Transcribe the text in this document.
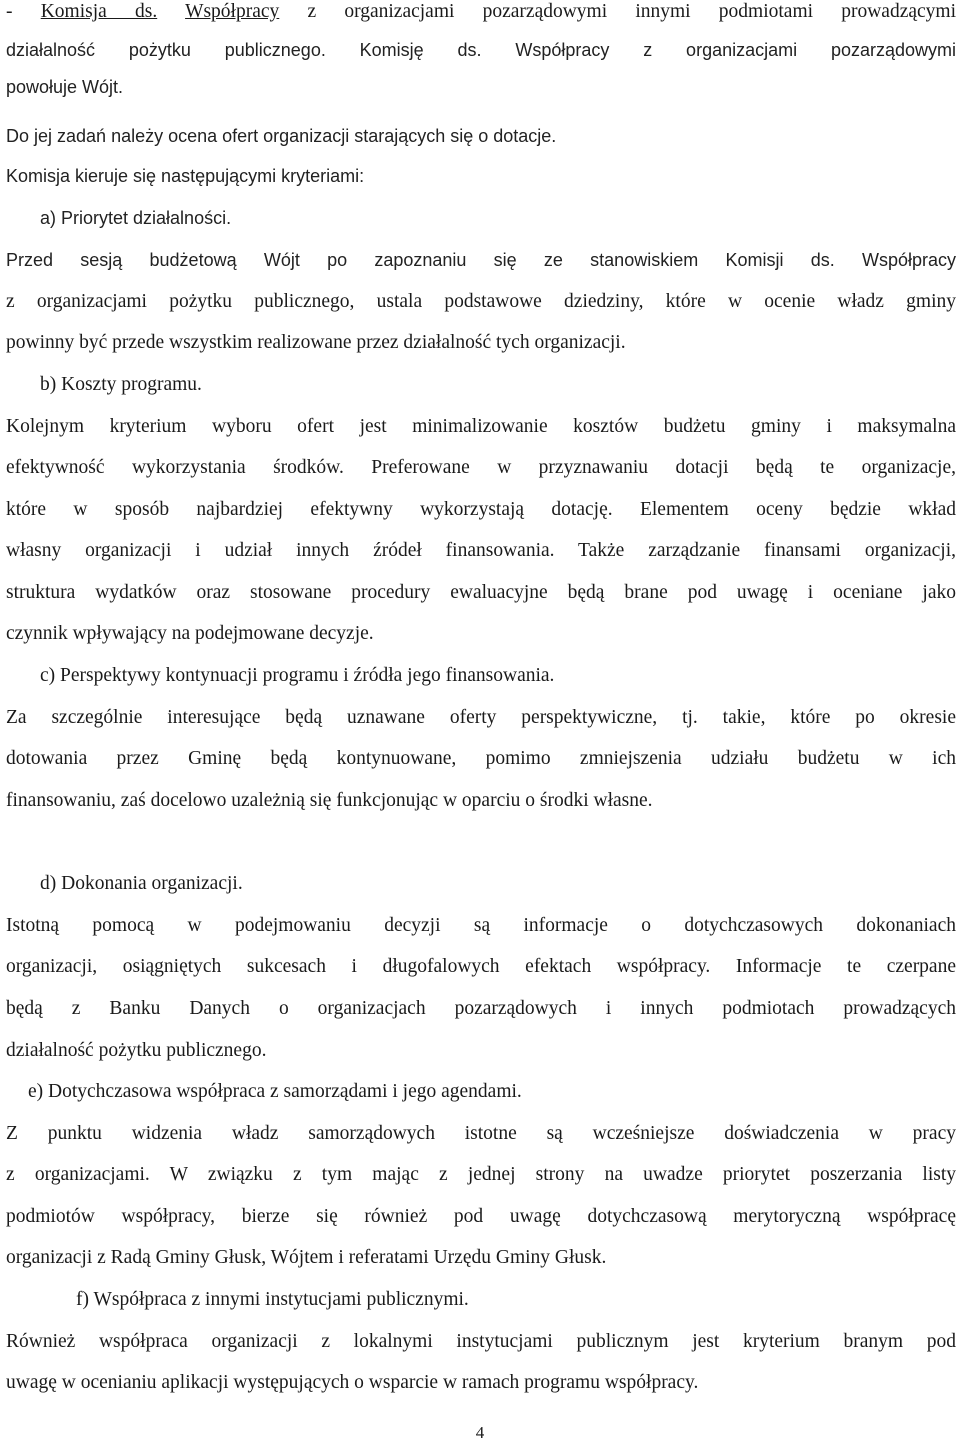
- Komisja ds. Współpracy z organizacjami pozarządowymi innymi podmiotami prowadzącymi
działalność pożytku publicznego. Komisję ds. Współpracy z organizacjami pozarządowymi
powołuje Wójt.
Do jej zadań należy ocena ofert organizacji starających się o dotacje.
Komisja kieruje się następującymi kryteriami:
a) Priorytet działalności.
Przed sesją budżetową Wójt po zapoznaniu się ze stanowiskiem Komisji ds. Współpracy
z organizacjami pożytku publicznego, ustala podstawowe dziedziny, które w ocenie władz gminy
powinny być przede wszystkim realizowane przez działalność tych organizacji.
b) Koszty programu.
Kolejnym kryterium wyboru ofert jest minimalizowanie kosztów budżetu gminy i maksymalna
efektywność wykorzystania środków. Preferowane w przyznawaniu dotacji będą te organizacje,
które w sposób najbardziej efektywny wykorzystają dotację. Elementem oceny będzie wkład
własny organizacji i udział innych źródeł finansowania. Także zarządzanie finansami organizacji,
struktura wydatków oraz stosowane procedury ewaluacyjne będą brane pod uwagę i oceniane jako
czynnik wpływający na podejmowane decyzje.
c) Perspektywy kontynuacji programu i źródła jego finansowania.
Za szczególnie interesujące będą uznawane oferty perspektywiczne, tj. takie, które po okresie
dotowania przez Gminę będą kontynuowane, pomimo zmniejszenia udziału budżetu w ich
finansowaniu, zaś docelowo uzależnią się funkcjonując w oparciu o środki własne.
d) Dokonania organizacji.
Istotną pomocą w podejmowaniu decyzji są informacje o dotychczasowych dokonaniach
organizacji, osiągniętych sukcesach i długofalowych efektach współpracy. Informacje te czerpane
będą z Banku Danych o organizacjach pozarządowych i innych podmiotach prowadzących
działalność pożytku publicznego.
e) Dotychczasowa współpraca z samorządami i jego agendami.
Z punktu widzenia władz samorządowych istotne są wcześniejsze doświadczenia w pracy
z organizacjami. W związku z tym mając z jednej strony na uwadze priorytet poszerzania listy
podmiotów współpracy, bierze się również pod uwagę dotychczasową merytoryczną współpracę
organizacji z Radą Gminy Głusk, Wójtem i referatami Urzędu Gminy Głusk.
f) Współpraca z innymi instytucjami publicznymi.
Również współpraca organizacji z lokalnymi instytucjami publicznym jest kryterium branym pod
uwagę w ocenianiu aplikacji występujących o wsparcie w ramach programu współpracy.
4
